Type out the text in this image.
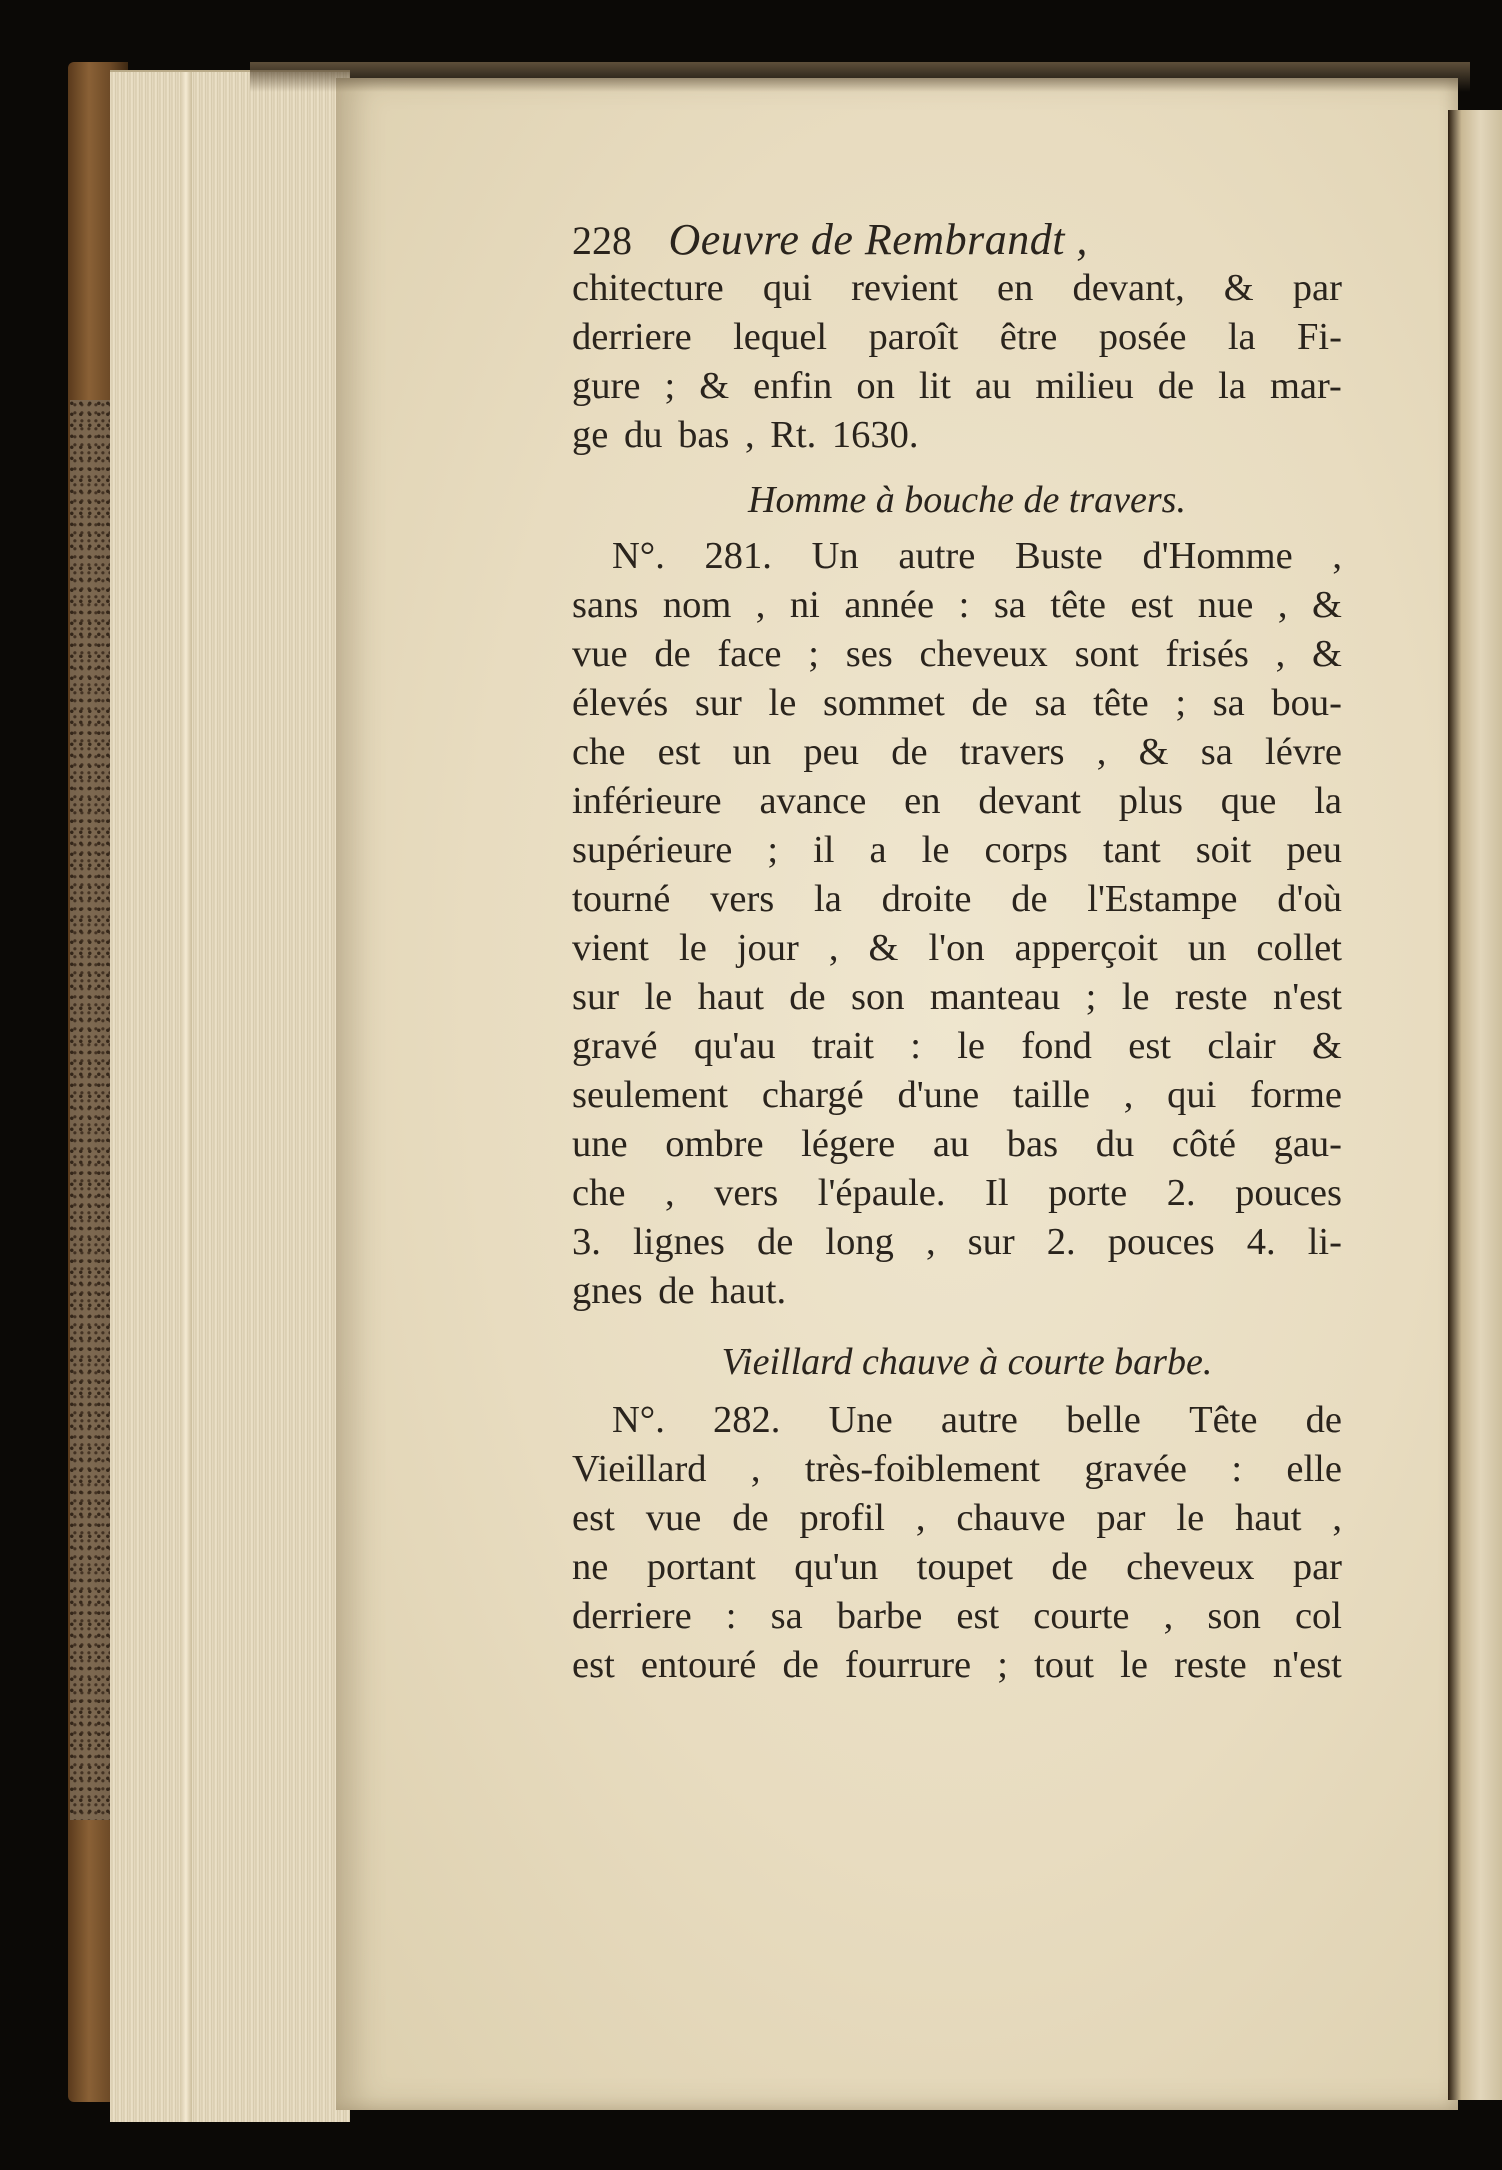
228 Oeuvre de Rembrandt ,
chitecture qui revient en devant, & par
derriere lequel paroît être posée la Fi-
gure ; & enfin on lit au milieu de la mar-
ge du bas , Rt. 1630.
Homme à bouche de travers.
N°. 281. Un autre Buste d'Homme ,
sans nom , ni année : sa tête est nue , &
vue de face ; ses cheveux sont frisés , &
élevés sur le sommet de sa tête ; sa bou-
che est un peu de travers , & sa lévre
inférieure avance en devant plus que la
supérieure ; il a le corps tant soit peu
tourné vers la droite de l'Estampe d'où
vient le jour , & l'on apperçoit un collet
sur le haut de son manteau ; le reste n'est
gravé qu'au trait : le fond est clair &
seulement chargé d'une taille , qui forme
une ombre légere au bas du côté gau-
che , vers l'épaule. Il porte 2. pouces
3. lignes de long , sur 2. pouces 4. li-
gnes de haut.
Vieillard chauve à courte barbe.
N°. 282. Une autre belle Tête de
Vieillard , très-foiblement gravée : elle
est vue de profil , chauve par le haut ,
ne portant qu'un toupet de cheveux par
derriere : sa barbe est courte , son col
est entouré de fourrure ; tout le reste n'est
